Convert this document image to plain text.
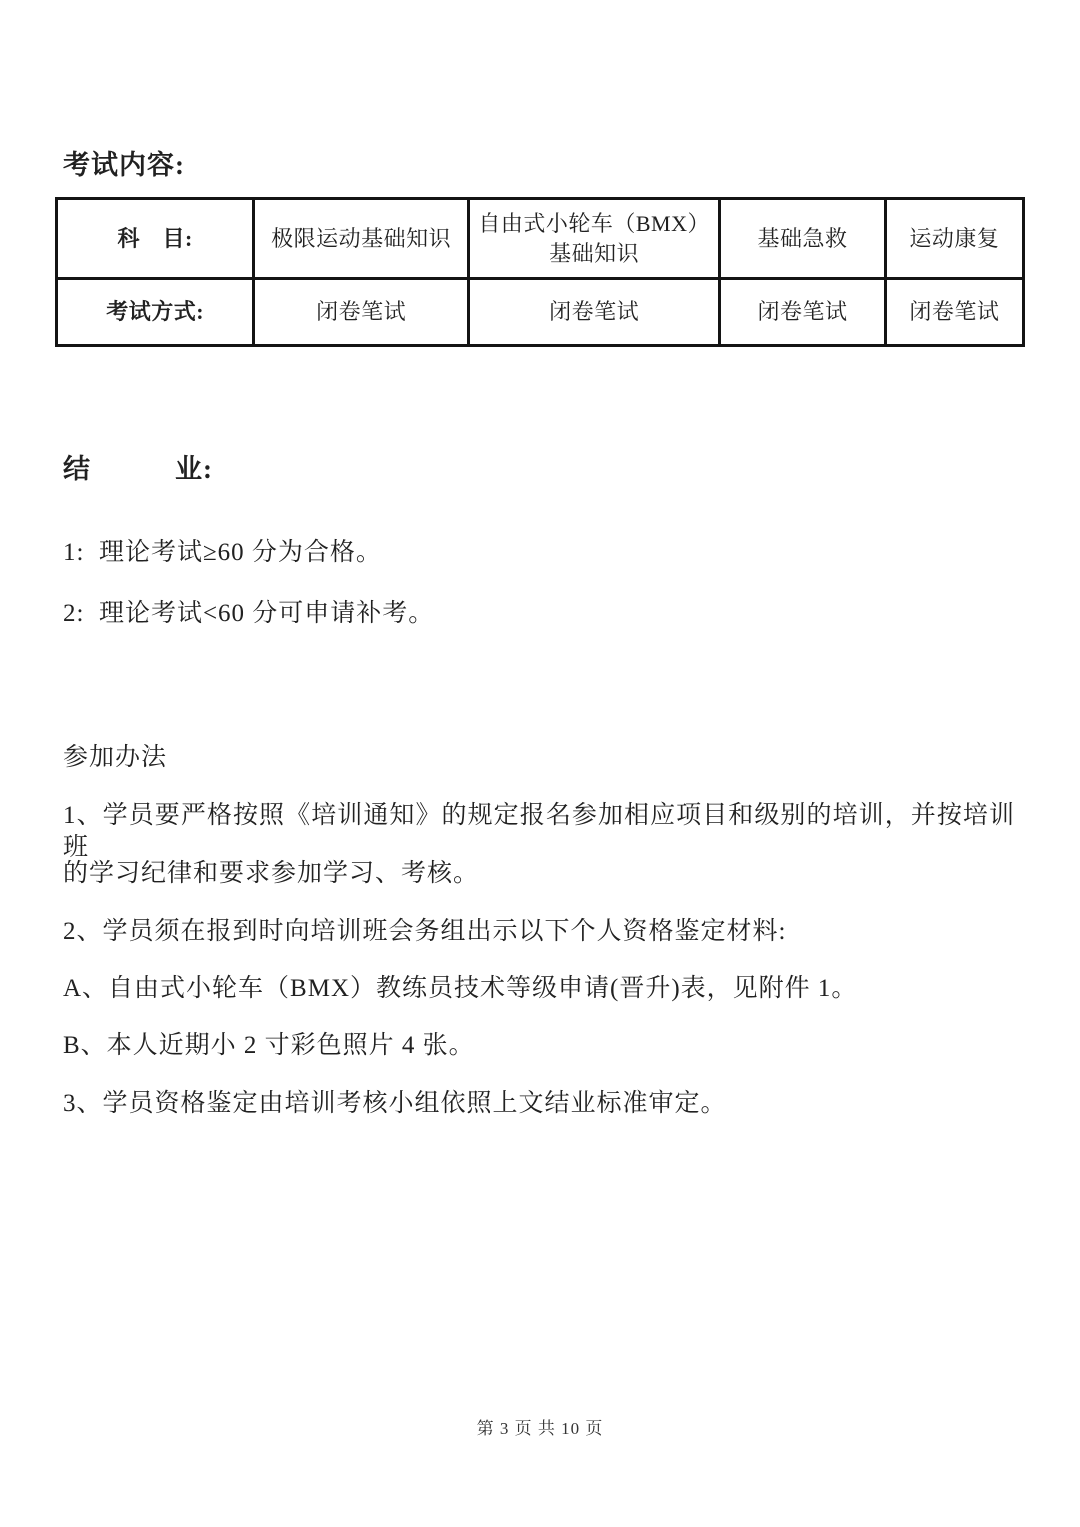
考试内容:
科　目:	极限运动基础知识	自由式小轮车（BMX）基础知识	基础急救	运动康复
考试方式:	闭卷笔试	闭卷笔试	闭卷笔试	闭卷笔试
结　　　业:
1:  理论考试≥60 分为合格。
2:  理论考试<60 分可申请补考。
参加办法
1、学员要严格按照《培训通知》的规定报名参加相应项目和级别的培训，并按培训班
的学习纪律和要求参加学习、考核。
2、学员须在报到时向培训班会务组出示以下个人资格鉴定材料:
A、自由式小轮车（BMX）教练员技术等级申请(晋升)表，见附件 1。
B、本人近期小 2 寸彩色照片 4 张。
3、学员资格鉴定由培训考核小组依照上文结业标准审定。
第 3 页 共 10 页
